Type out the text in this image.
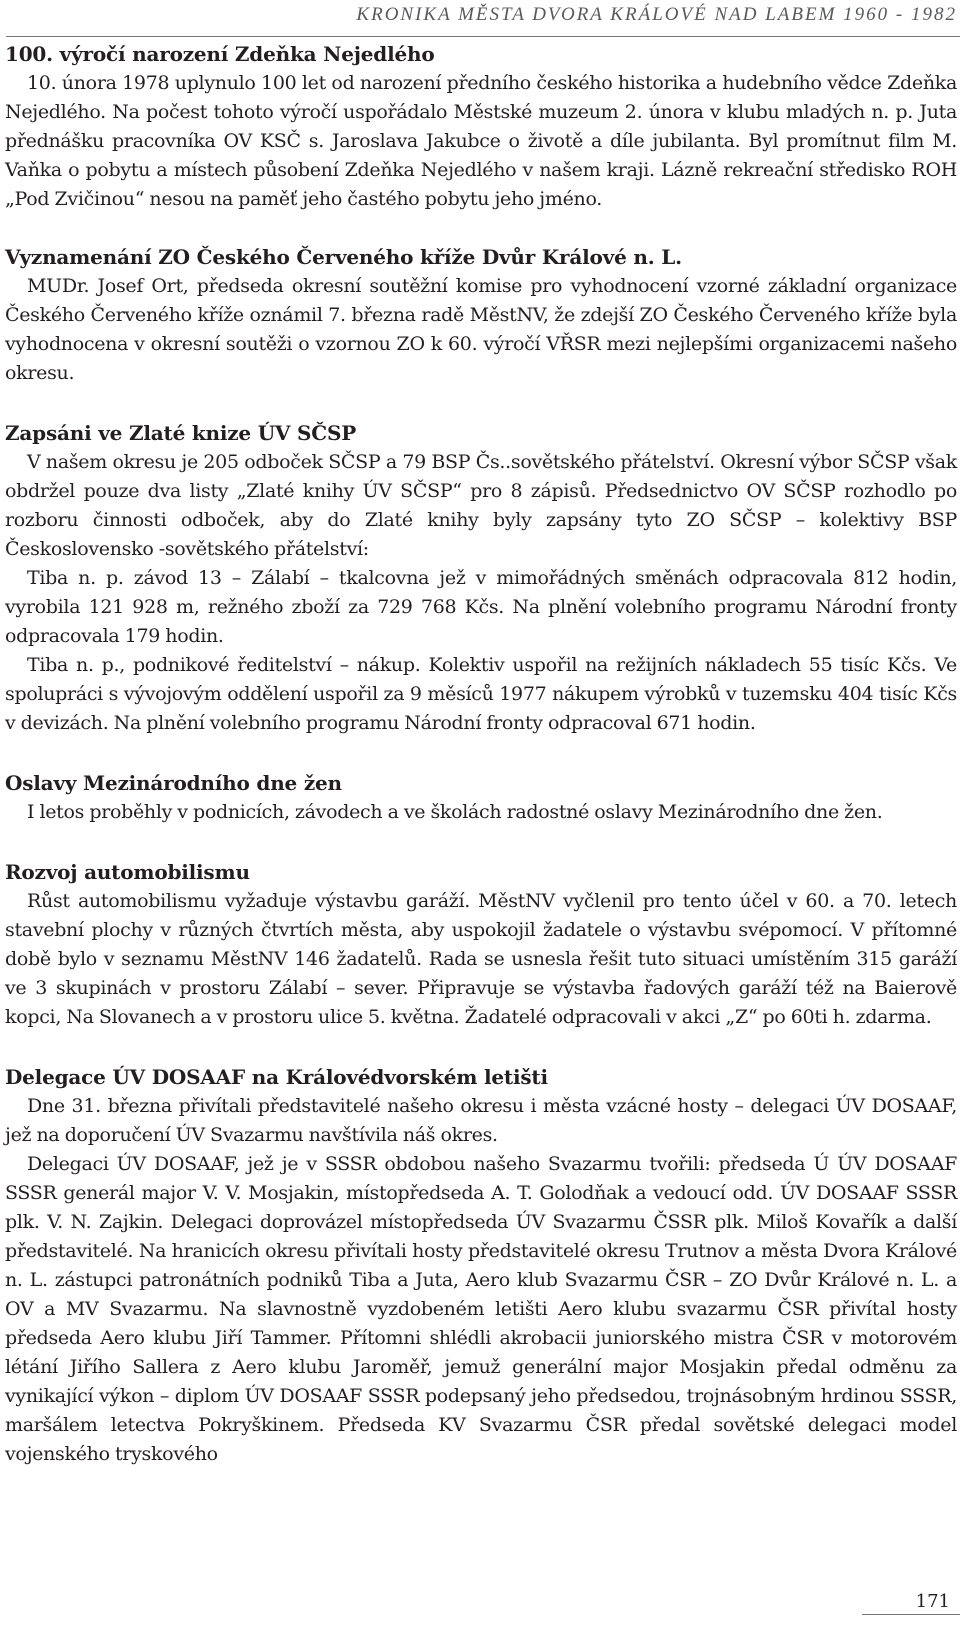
KRONIKA MĚSTA DVORA KRÁLOVÉ NAD LABEM 1960 - 1982
100. výročí narození Zdeňka Nejedlého

10. února 1978 uplynulo 100 let od narození předního českého historika a hudebního vědce Zdeňka Nejedlého. Na počest tohoto výročí uspořádalo Městské muzeum 2. února v klubu mladých n. p. Juta přednášku pracovníka OV KSČ s. Jaroslava Jakubce o životě a díle jubilanta. Byl promítnut film M. Vaňka o pobytu a místech působení Zdeňka Nejedlého v našem kraji. Lázně rekreační středisko ROH „Pod Zvičinou“ nesou na paměť jeho častého pobytu jeho jméno.

Vyznamenání ZO Českého Červeného kříže Dvůr Králové n. L.

MUDr. Josef Ort, předseda okresní soutěžní komise pro vyhodnocení vzorné základní organizace Českého Červeného kříže oznámil 7. března radě MěstNV, že zdejší ZO Českého Červeného kříže byla vyhodnocena v okresní soutěži o vzornou ZO k 60. výročí VŘSR mezi nejlepšími organizacemi našeho okresu.

Zapsáni ve Zlaté knize ÚV SČSP

V našem okresu je 205 odboček SČSP a 79 BSP Čs..sovětského přátelství. Okresní výbor SČSP však obdržel pouze dva listy „Zlaté knihy ÚV SČSP“ pro 8 zápisů. Předsednictvo OV SČSP rozhodlo po rozboru činnosti odboček, aby do Zlaté knihy byly zapsány tyto ZO SČSP – kolektivy BSP Československo -sovětského přátelství:

Tiba n. p. závod 13 – Zálabí – tkalcovna jež v mimořádných směnách odpracovala 812 hodin, vyrobila 121 928 m, režného zboží za 729 768 Kčs. Na plnění volebního programu Národní fronty odpracovala 179 hodin.

Tiba n. p., podnikové ředitelství – nákup. Kolektiv uspořil na režijních nákladech 55 tisíc Kčs. Ve spolupráci s vývojovým oddělení uspořil za 9 měsíců 1977 nákupem výrobků v tuzemsku 404 tisíc Kčs v devizách. Na plnění volebního programu Národní fronty odpracoval 671 hodin.

Oslavy Mezinárodního dne žen

I letos proběhly v podnicích, závodech a ve školách radostné oslavy Mezinárodního dne žen.

Rozvoj automobilismu

Růst automobilismu vyžaduje výstavbu garáží. MěstNV vyčlenil pro tento účel v 60. a 70. letech stavební plochy v různých čtvrtích města, aby uspokojil žadatele o výstavbu svépomocí. V přítomné době bylo v seznamu MěstNV 146 žadatelů. Rada se usnesla řešit tuto situaci umístěním 315 garáží ve 3 skupinách v prostoru Zálabí – sever. Připravuje se výstavba řadových garáží též na Baierově kopci, Na Slovanech a v prostoru ulice 5. května. Žadatelé odpracovali v akci „Z“ po 60ti h. zdarma.

Delegace ÚV DOSAAF na Královédvorském letišti

Dne 31. března přivítali představitelé našeho okresu i města vzácné hosty – delegaci ÚV DOSAAF, jež na doporučení ÚV Svazarmu navštívila náš okres.

Delegaci ÚV DOSAAF, jež je v SSSR obdobou našeho Svazarmu tvořili: předseda Ú ÚV DOSAAF SSSR generál major V. V. Mosjakin, místopředseda A. T. Golodňak a vedoucí odd. ÚV DOSAAF SSSR plk. V. N. Zajkin. Delegaci doprovázel místopředseda ÚV Svazarmu ČSSR plk. Miloš Kovařík a další představitelé. Na hranicích okresu přivítali hosty představitelé okresu Trutnov a města Dvora Králové n. L. zástupci patronátních podniků Tiba a Juta, Aero klub Svazarmu ČSR – ZO Dvůr Králové n. L. a OV a MV Svazarmu. Na slavnostně vyzdobeném letišti Aero klubu svazarmu ČSR přivítal hosty předseda Aero klubu Jiří Tammer. Přítomni shlédli akrobacii juniorského mistra ČSR v motorovém létání Jiřího Sallera z Aero klubu Jaroměř, jemuž generální major Mosjakin předal odměnu za vynikající výkon – diplom ÚV DOSAAF SSSR podepsaný jeho předsedou, trojnásobným hrdinou SSSR, maršálem letectva Pokryškinem. Předseda KV Svazarmu ČSR předal sovětské delegaci model vojenského tryskového

171
